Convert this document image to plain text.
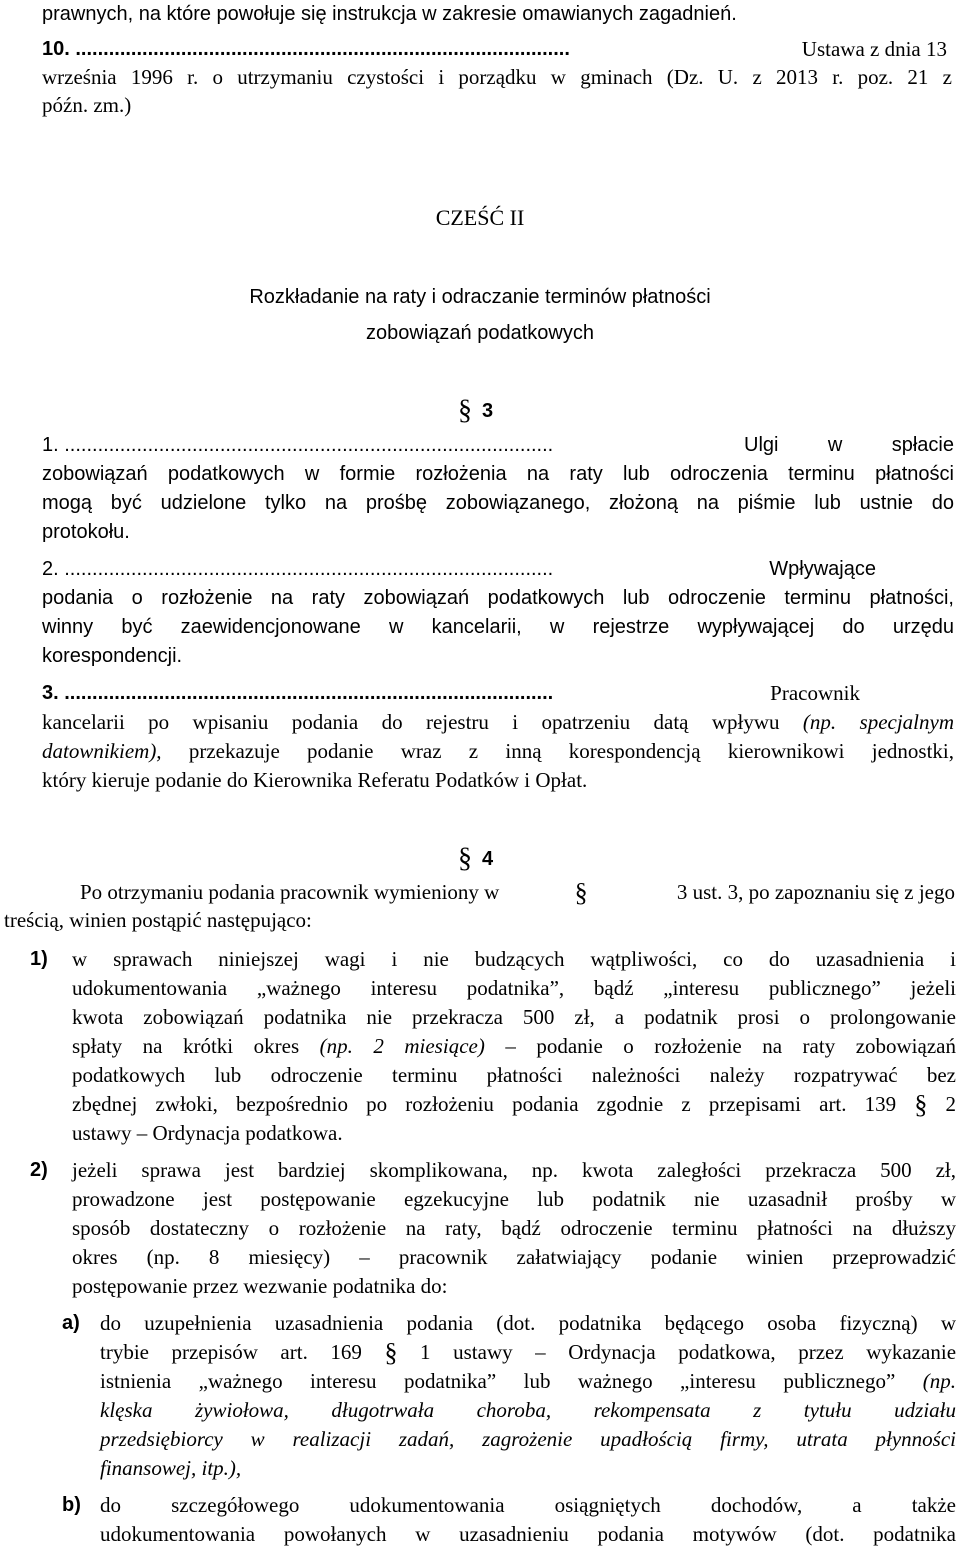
prawnych, na które powołuje się instrukcja w zakresie omawianych zagadnień.
10. .........................................................................................	Ustawa z dnia 13
września 1996 r. o utrzymaniu czystości i porządku w gminach (Dz. U. z 2013 r. poz. 21 z
późn. zm.)
CZEŚĆ II
Rozkładanie na raty i odraczanie terminów płatności
zobowiązań podatkowych
§ 3
1. ........................................................................................	Ulgi w spłacie
zobowiązań podatkowych w formie rozłożenia na raty lub odroczenia terminu płatności
mogą być udzielone tylko na prośbę zobowiązanego, złożoną na piśmie lub ustnie do
protokołu.
2. ........................................................................................	Wpływające
podania o rozłożenie na raty zobowiązań podatkowych lub odroczenie terminu płatności,
winny być zaewidencjonowane w kancelarii, w rejestrze wypływającej do urzędu
korespondencji.
3. ........................................................................................	Pracownik
kancelarii po wpisaniu podania do rejestru i opatrzeniu datą wpływu (np. specjalnym
datownikiem), przekazuje podanie wraz z inną korespondencją kierownikowi jednostki,
który kieruje podanie do Kierownika Referatu Podatków i Opłat.
§ 4
Po otrzymaniu podania pracownik wymieniony w	§	3 ust. 3, po zapoznaniu się z jego
treścią, winien postąpić następująco:
1) w sprawach niniejszej wagi i nie budzących wątpliwości, co do uzasadnienia i
udokumentowania „ważnego interesu podatnika”, bądź „interesu publicznego” jeżeli
kwota zobowiązań podatnika nie przekracza 500 zł, a podatnik prosi o prolongowanie
spłaty na krótki okres (np. 2 miesiące) – podanie o rozłożenie na raty zobowiązań
podatkowych lub odroczenie terminu płatności należności należy rozpatrywać bez
zbędnej zwłoki, bezpośrednio po rozłożeniu podania zgodnie z przepisami art. 139 § 2
ustawy – Ordynacja podatkowa.
2) jeżeli sprawa jest bardziej skomplikowana, np. kwota zaległości przekracza 500 zł,
prowadzone jest postępowanie egzekucyjne lub podatnik nie uzasadnił prośby w
sposób dostateczny o rozłożenie na raty, bądź odroczenie terminu płatności na dłuższy
okres (np. 8 miesięcy) – pracownik załatwiający podanie winien przeprowadzić
postępowanie przez wezwanie podatnika do:
a) do uzupełnienia uzasadnienia podania (dot. podatnika będącego osoba fizyczną) w
trybie przepisów art. 169 § 1 ustawy – Ordynacja podatkowa, przez wykazanie
istnienia „ważnego interesu podatnika” lub ważnego „interesu publicznego” (np.
klęska żywiołowa, długotrwała choroba, rekompensata z tytułu udziału
przedsiębiorcy w realizacji zadań, zagrożenie upadłością firmy, utrata płynności
finansowej, itp.),
b) do szczegółowego udokumentowania osiągniętych dochodów, a także
udokumentowania powołanych w uzasadnieniu podania motywów (dot. podatnika
